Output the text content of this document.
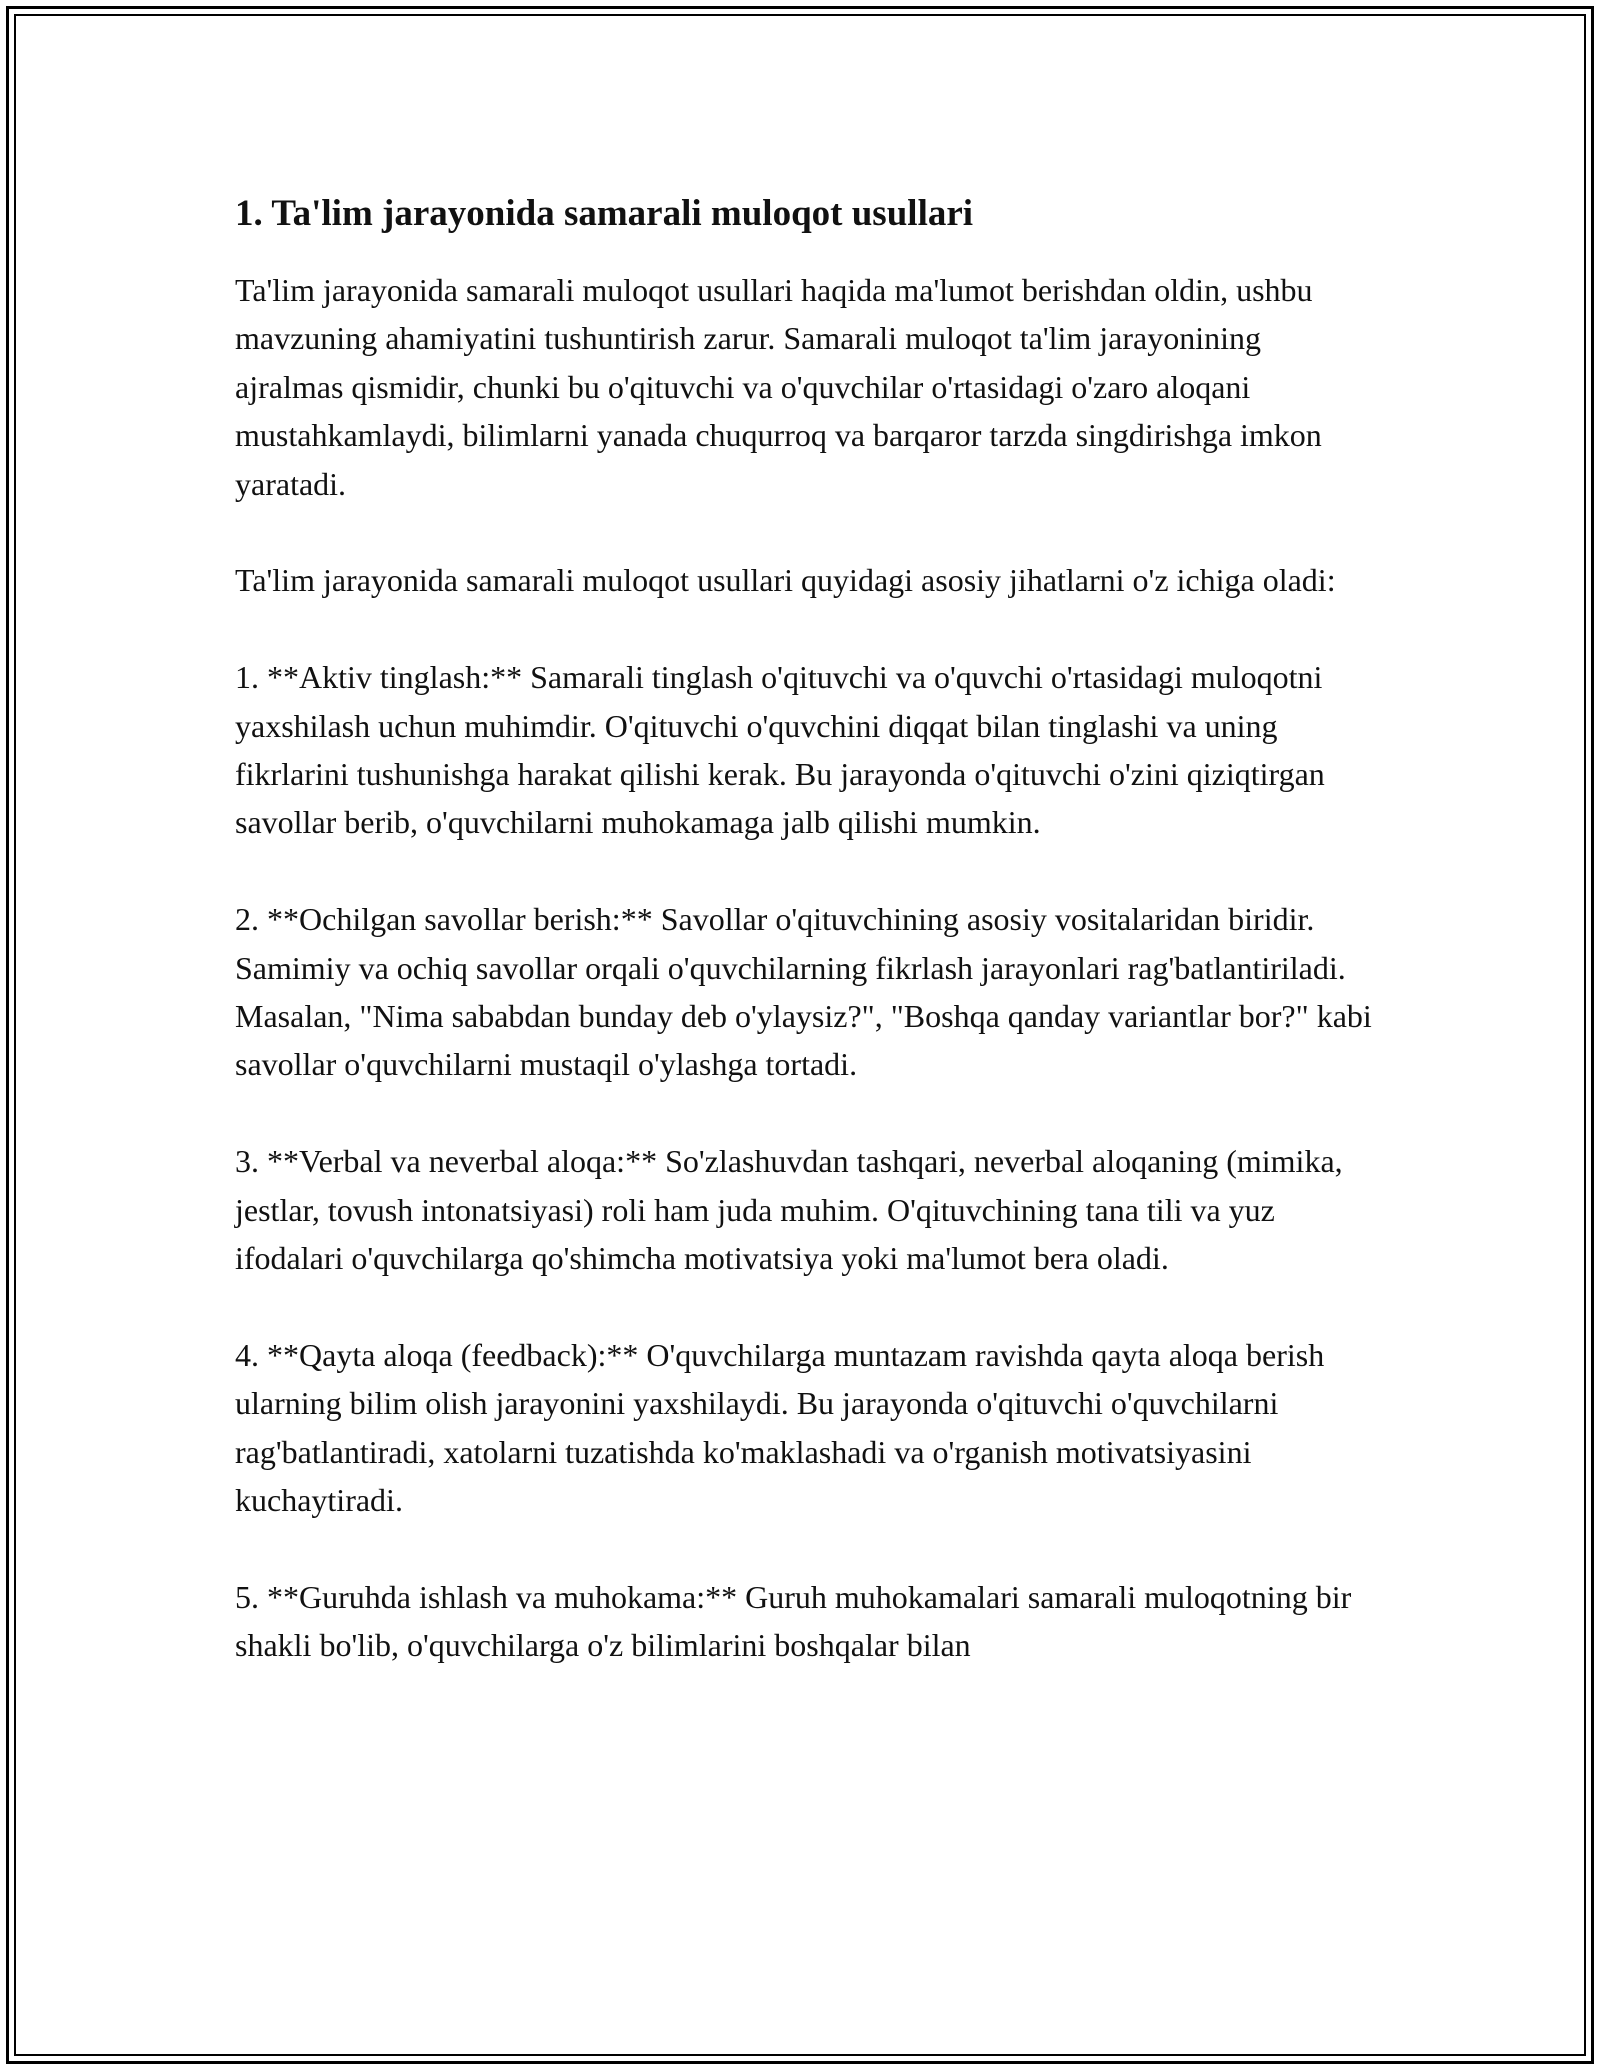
1. Ta'lim jarayonida samarali muloqot usullari

Ta'lim jarayonida samarali muloqot usullari haqida ma'lumot berishdan oldin, ushbu mavzuning ahamiyatini tushuntirish zarur. Samarali muloqot ta'lim jarayonining ajralmas qismidir, chunki bu o'qituvchi va o'quvchilar o'rtasidagi o'zaro aloqani mustahkamlaydi, bilimlarni yanada chuqurroq va barqaror tarzda singdirishga imkon yaratadi.

Ta'lim jarayonida samarali muloqot usullari quyidagi asosiy jihatlarni o'z ichiga oladi:

1. **Aktiv tinglash:** Samarali tinglash o'qituvchi va o'quvchi o'rtasidagi muloqotni yaxshilash uchun muhimdir. O'qituvchi o'quvchini diqqat bilan tinglashi va uning fikrlarini tushunishga harakat qilishi kerak. Bu jarayonda o'qituvchi o'zini qiziqtirgan savollar berib, o'quvchilarni muhokamaga jalb qilishi mumkin.

2. **Ochilgan savollar berish:** Savollar o'qituvchining asosiy vositalaridan biridir. Samimiy va ochiq savollar orqali o'quvchilarning fikrlash jarayonlari rag'batlantiriladi. Masalan, "Nima sababdan bunday deb o'ylaysiz?", "Boshqa qanday variantlar bor?" kabi savollar o'quvchilarni mustaqil o'ylashga tortadi.

3. **Verbal va neverbal aloqa:** So'zlashuvdan tashqari, neverbal aloqaning (mimika, jestlar, tovush intonatsiyasi) roli ham juda muhim. O'qituvchining tana tili va yuz ifodalari o'quvchilarga qo'shimcha motivatsiya yoki ma'lumot bera oladi.

4. **Qayta aloqa (feedback):** O'quvchilarga muntazam ravishda qayta aloqa berish ularning bilim olish jarayonini yaxshilaydi. Bu jarayonda o'qituvchi o'quvchilarni rag'batlantiradi, xatolarni tuzatishda ko'maklashadi va o'rganish motivatsiyasini kuchaytiradi.

5. **Guruhda ishlash va muhokama:** Guruh muhokamalari samarali muloqotning bir shakli bo'lib, o'quvchilarga o'z bilimlarini boshqalar bilan
